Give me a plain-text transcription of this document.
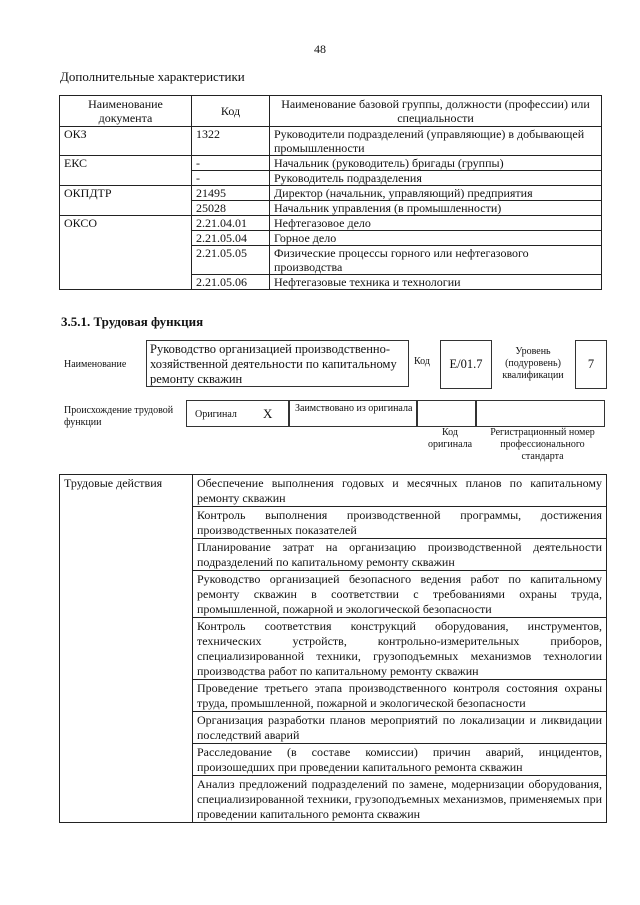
48
Дополнительные характеристики
Наименование документа	Код	Наименование базовой группы, должности (профессии) или специальности
ОКЗ	1322	Руководители подразделений (управляющие) в добывающей промышленности
ЕКС	-	Начальник (руководитель) бригады (группы)
	-	Руководитель подразделения
ОКПДТР	21495	Директор (начальник, управляющий) предприятия
	25028	Начальник управления (в промышленности)
ОКСО	2.21.04.01	Нефтегазовое дело
	2.21.05.04	Горное дело
	2.21.05.05	Физические процессы горного или нефтегазового производства
	2.21.05.06	Нефтегазовые техника и технологии
3.5.1. Трудовая функция
Наименование
Руководство организацией производственно-хозяйственной деятельности по капитальному ремонту скважин
Код	E/01.7
Уровень (подуровень) квалификации
7
Происхождение трудовой функции
Оригинал X Заимствовано из оригинала
Код оригинала
Регистрационный номер профессионального стандарта
Трудовые действия	Обеспечение выполнения годовых и месячных планов по капитальному ремонту скважин
Контроль выполнения производственной программы, достижения производственных показателей
Планирование затрат на организацию производственной деятельности подразделений по капитальному ремонту скважин
Руководство организацией безопасного ведения работ по капитальному ремонту скважин в соответствии с требованиями охраны труда, промышленной, пожарной и экологической безопасности
Контроль соответствия конструкций оборудования, инструментов, технических устройств, контрольно-измерительных приборов, специализированной техники, грузоподъемных механизмов технологии производства работ по капитальному ремонту скважин
Проведение третьего этапа производственного контроля состояния охраны труда, промышленной, пожарной и экологической безопасности
Организация разработки планов мероприятий по локализации и ликвидации последствий аварий
Расследование (в составе комиссии) причин аварий, инцидентов, произошедших при проведении капитального ремонта скважин
Анализ предложений подразделений по замене, модернизации оборудования, специализированной техники, грузоподъемных механизмов, применяемых при проведении капитального ремонта скважин
